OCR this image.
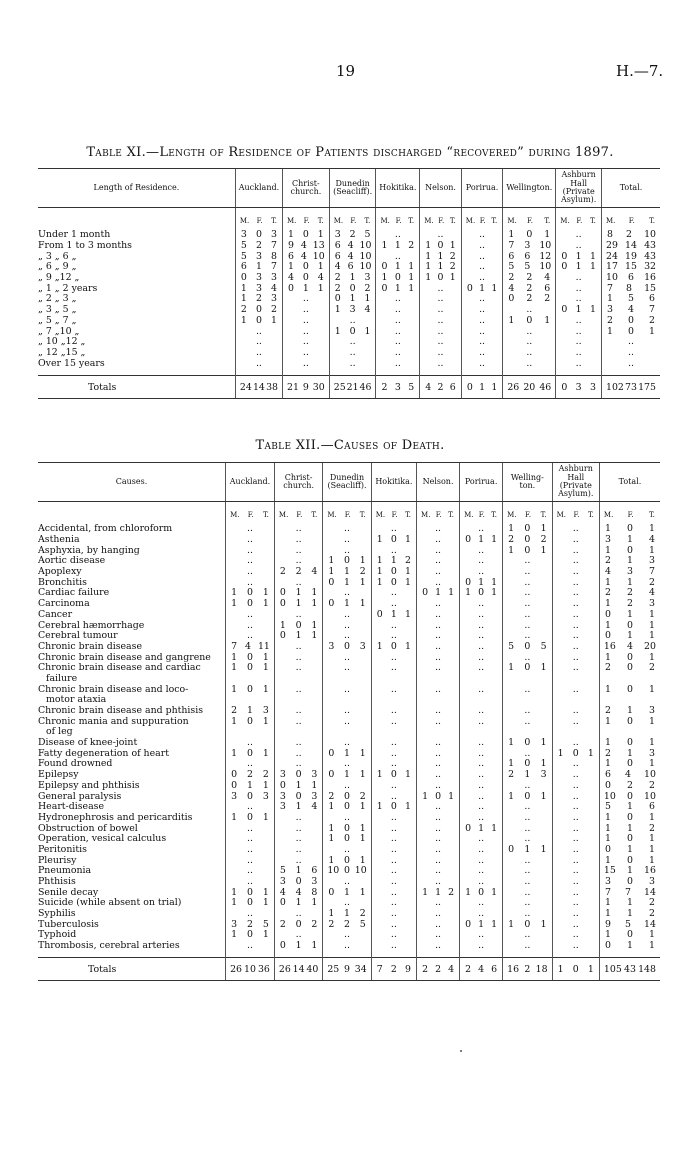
19	H.—7.
Table XI.—Length of Residence of Patients discharged “recovered” during 1897.
Length of Residence.	Auckland.	Christ-church.	Dunedin (Seacliff).	Hokitika.	Nelson.	Porirua.	Wellington.	Ashburn Hall (Private Asylum).	Total.

	M. F. T.	M. F. T.	M. F. T.	M. F. T.	M. F. T.	M. F. T.	M. F. T.	M. F. T.	M. F. T.

Under 1 month	3 0 3	1 0 1	3 2 5	..	..	..	1 0 1	..	8 2 10

From 1 to 3 months	5 2 7	9 4 13	6 4 10	1 1 2	1 0 1	..	7 3 10	..	29 14 43

„ 3 „ 6 „	5 3 8	6 4 10	6 4 10	..	1 1 2	..	6 6 12	0 1 1	24 19 43

„ 6 „ 9 „	6 1 7	1 0 1	4 6 10	0 1 1	1 1 2	..	5 5 10	0 1 1	17 15 32

„ 9 „12 „	0 3 3	4 0 4	2 1 3	1 0 1	1 0 1	..	2 2 4	..	10 6 16

„ 1 „ 2 years	1 3 4	0 1 1	2 0 2	0 1 1	..	0 1 1	4 2 6	..	7 8 15

„ 2 „ 3 „	1 2 3	..	0 1 1	..	..	..	0 2 2	..	1 5 6

„ 3 „ 5 „	2 0 2	..	1 3 4	..	..	..	..	0 1 1	3 4 7

„ 5 „ 7 „	1 0 1	..	..	..	..	..	1 0 1	..	2 0 2

„ 7 „10 „	..	..	1 0 1	..	..	..	..	..	1 0 1

„ 10 „12 „	..	..	..	..	..	..	..	..	..

„ 12 „15 „	..	..	..	..	..	..	..	..	..

Over 15 years	..	..	..	..	..	..	..	..	..

Totals	24 14 38	21 9 30	25 21 46	2 3 5	4 2 6	0 1 1	26 20 46	0 3 3	102 73 175
Table XII.—Causes of Death.
Causes.	Auckland.	Christ-church.	Dunedin (Seacliff).	Hokitika.	Nelson.	Porirua.	Welling-ton.	Ashburn Hall (Private Asylum).	Total.

	M. F. T.	M. F. T.	M. F. T.	M. F. T.	M. F. T.	M. F. T.	M. F. T.	M. F. T.	M. F. T.

Accidental, from chloroform	..	..	..	..	..	..	1 0 1	..	1 0 1

Asthenia	..	..	..	1 0 1	..	0 1 1	2 0 2	..	3 1 4

Asphyxia, by hanging	..	..	..	..	..	..	1 0 1	..	1 0 1

Aortic disease	..	..	1 0 1	1 1 2	..	..	..	..	2 1 3

Apoplexy	..	2 2 4	1 1 2	1 0 1	..	..	..	..	4 3 7

Bronchitis	..	..	0 1 1	1 0 1	..	0 1 1	..	..	1 1 2

Cardiac failure	1 0 1	0 1 1	..	..	0 1 1	1 0 1	..	..	2 2 4

Carcinoma	1 0 1	0 1 1	0 1 1	..	..	..	..	..	1 2 3

Cancer	..	..	..	0 1 1	..	..	..	..	0 1 1

Cerebral hæmorrhage	..	1 0 1	..	..	..	..	..	..	1 0 1

Cerebral tumour	..	0 1 1	..	..	..	..	..	..	0 1 1

Chronic brain disease	7 4 11	..	3 0 3	1 0 1	..	..	5 0 5	..	16 4 20

Chronic brain disease and gangrene	1 0 1	..	..	..	..	..	..	..	1 0 1

Chronic brain disease and cardiac	1 0 1	..	..	..	..	..	1 0 1	..	2 0 2

failure	

Chronic brain disease and loco-	1 0 1	..	..	..	..	..	..	..	1 0 1

motor ataxia	

Chronic brain disease and phthisis	2 1 3	..	..	..	..	..	..	..	2 1 3

Chronic mania and suppuration	1 0 1	..	..	..	..	..	..	..	1 0 1

of leg	

Disease of knee-joint	..	..	..	..	..	..	1 0 1	..	1 0 1

Fatty degeneration of heart	1 0 1	..	0 1 1	..	..	..	..	1 0 1	2 1 3

Found drowned	..	..	..	..	..	..	1 0 1	..	1 0 1

Epilepsy	0 2 2	3 0 3	0 1 1	1 0 1	..	..	2 1 3	..	6 4 10

Epilepsy and phthisis	0 1 1	0 1 1	..	..	..	..	..	..	0 2 2

General paralysis	3 0 3	3 0 3	2 0 2	..	1 0 1	..	1 0 1	..	10 0 10

Heart-disease	..	3 1 4	1 0 1	1 0 1	..	..	..	..	5 1 6

Hydronephrosis and pericarditis	1 0 1	..	..	..	..	..	..	..	1 0 1

Obstruction of bowel	..	..	1 0 1	..	..	0 1 1	..	..	1 1 2

Operation, vesical calculus	..	..	1 0 1	..	..	..	..	..	1 0 1

Peritonitis	..	..	..	..	..	..	0 1 1	..	0 1 1

Pleurisy	..	..	1 0 1	..	..	..	..	..	1 0 1

Pneumonia	..	5 1 6	10 0 10	..	..	..	..	..	15 1 16

Phthisis	..	3 0 3	..	..	..	..	..	..	3 0 3

Senile decay	1 0 1	4 4 8	0 1 1	..	1 1 2	1 0 1	..	..	7 7 14

Suicide (while absent on trial)	1 0 1	0 1 1	..	..	..	..	..	..	1 1 2

Syphilis	..	..	1 1 2	..	..	..	..	..	1 1 2

Tuberculosis	3 2 5	2 0 2	2 2 5	..	..	0 1 1	1 0 1	..	9 5 14

Typhoid	1 0 1	..	..	..	..	..	..	..	1 0 1

Thrombosis, cerebral arteries	..	0 1 1	..	..	..	..	..	..	0 1 1

Totals	26 10 36	26 14 40	25 9 34	7 2 9	2 2 4	2 4 6	16 2 18	1 0 1	105 43 148
